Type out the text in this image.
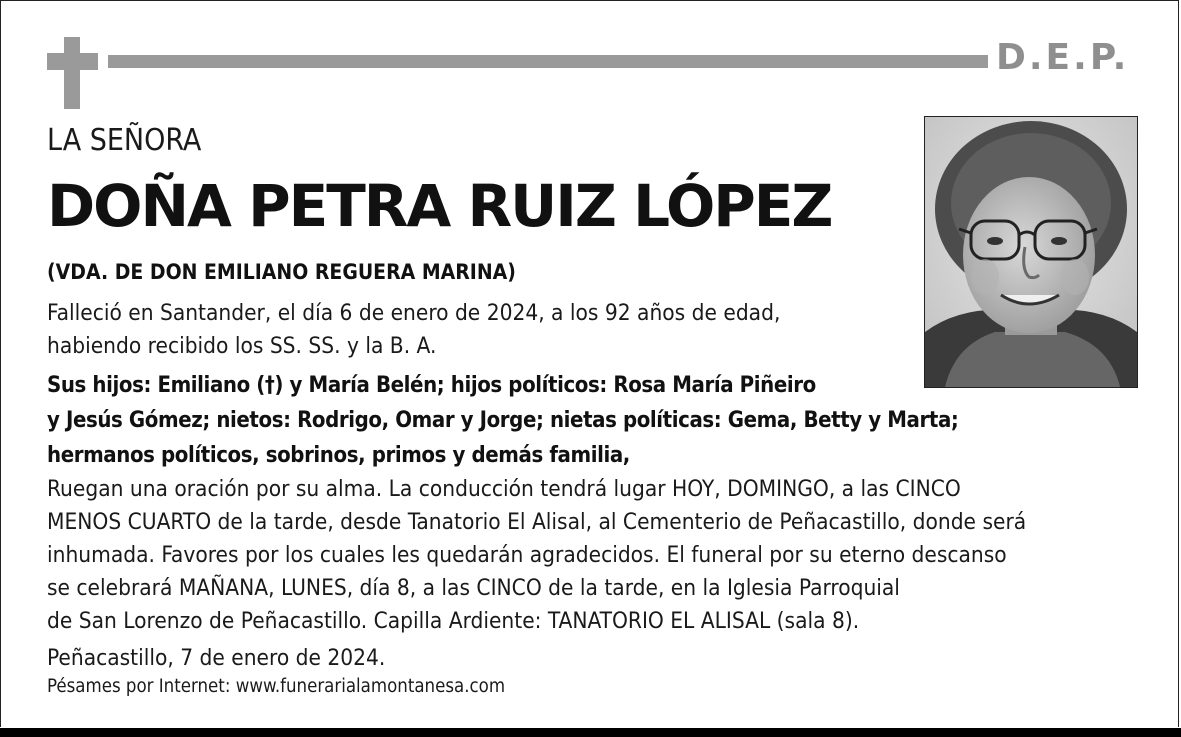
D.E.P.
LA SEÑORA
DOÑA PETRA RUIZ LÓPEZ
(VDA. DE DON EMILIANO REGUERA MARINA)
Falleció en Santander, el día 6 de enero de 2024, a los 92 años de edad,
habiendo recibido los SS. SS. y la B. A.
Sus hijos: Emiliano (†) y María Belén; hijos políticos: Rosa María Piñeiro
y Jesús Gómez; nietos: Rodrigo, Omar y Jorge; nietas políticas: Gema, Betty y Marta;
hermanos políticos, sobrinos, primos y demás familia,
Ruegan una oración por su alma. La conducción tendrá lugar HOY, DOMINGO, a las CINCO
MENOS CUARTO de la tarde, desde Tanatorio El Alisal, al Cementerio de Peñacastillo, donde será
inhumada. Favores por los cuales les quedarán agradecidos. El funeral por su eterno descanso
se celebrará MAÑANA, LUNES, día 8, a las CINCO de la tarde, en la Iglesia Parroquial
de San Lorenzo de Peñacastillo. Capilla Ardiente: TANATORIO EL ALISAL (sala 8).
Peñacastillo, 7 de enero de 2024.
Pésames por Internet: www.funerarialamontanesa.com
